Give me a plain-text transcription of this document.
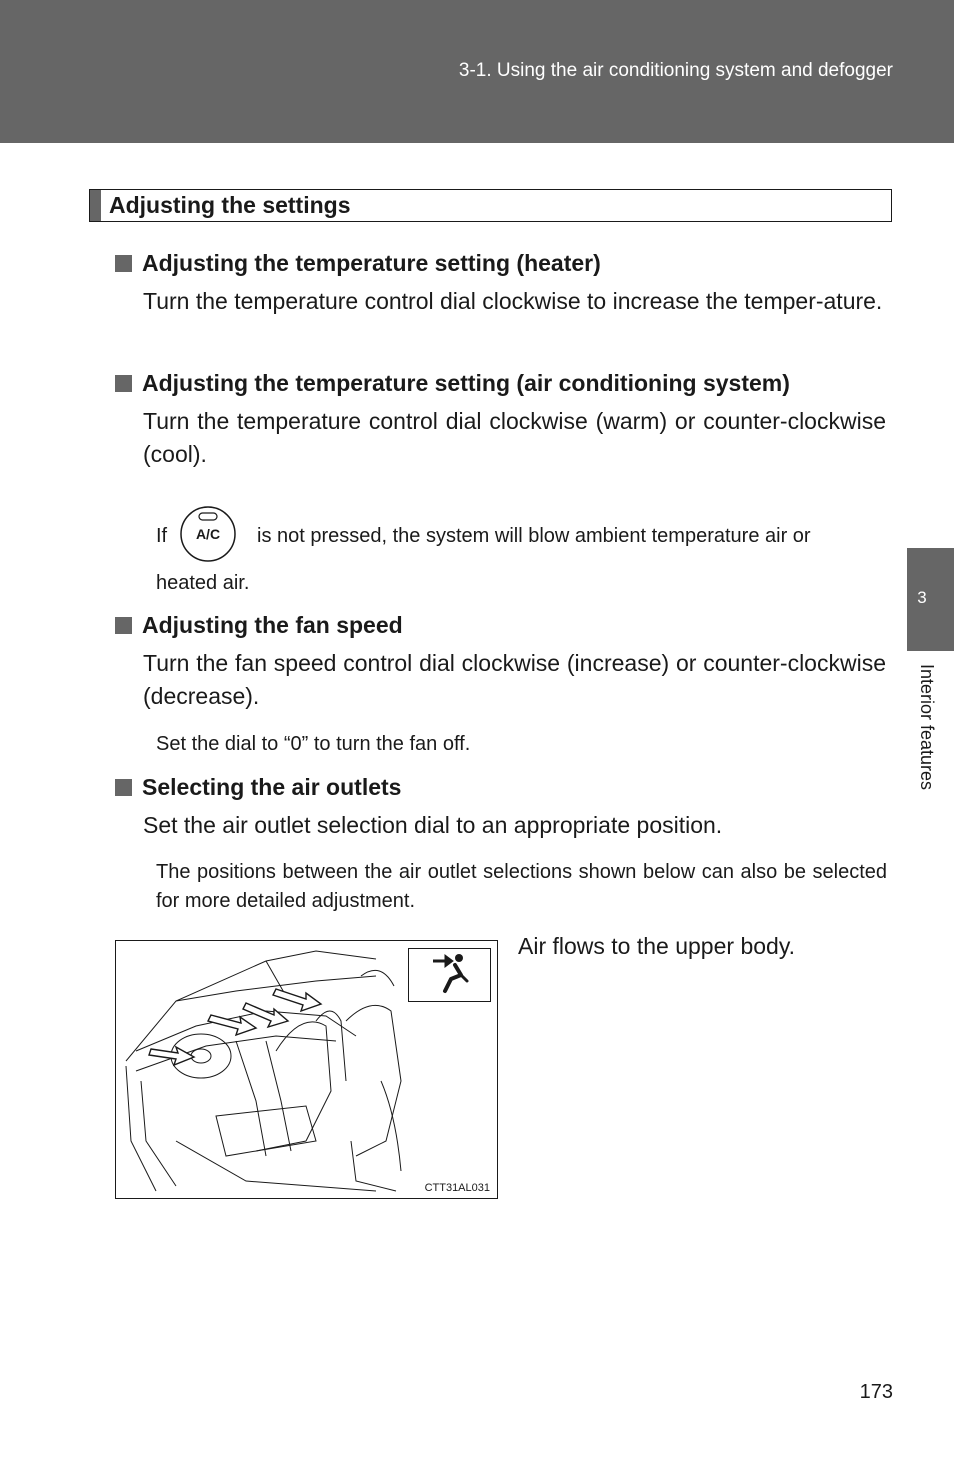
3-1. Using the air conditioning system and defogger
3
Interior features
Adjusting the settings
Adjusting the temperature setting (heater)
Turn the temperature control dial clockwise to increase the temper-ature.
Adjusting the temperature setting (air conditioning system)
Turn the temperature control dial clockwise (warm) or counter-clockwise (cool).
If A/C is not pressed, the system will blow ambient temperature air or
heated air.
Adjusting the fan speed
Turn the fan speed control dial clockwise (increase) or counter-clockwise (decrease).
Set the dial to “0” to turn the fan off.
Selecting the air outlets
Set the air outlet selection dial to an appropriate position.
The positions between the air outlet selections shown below can also be selected for more detailed adjustment.
CTT31AL031
Air flows to the upper body.
173
